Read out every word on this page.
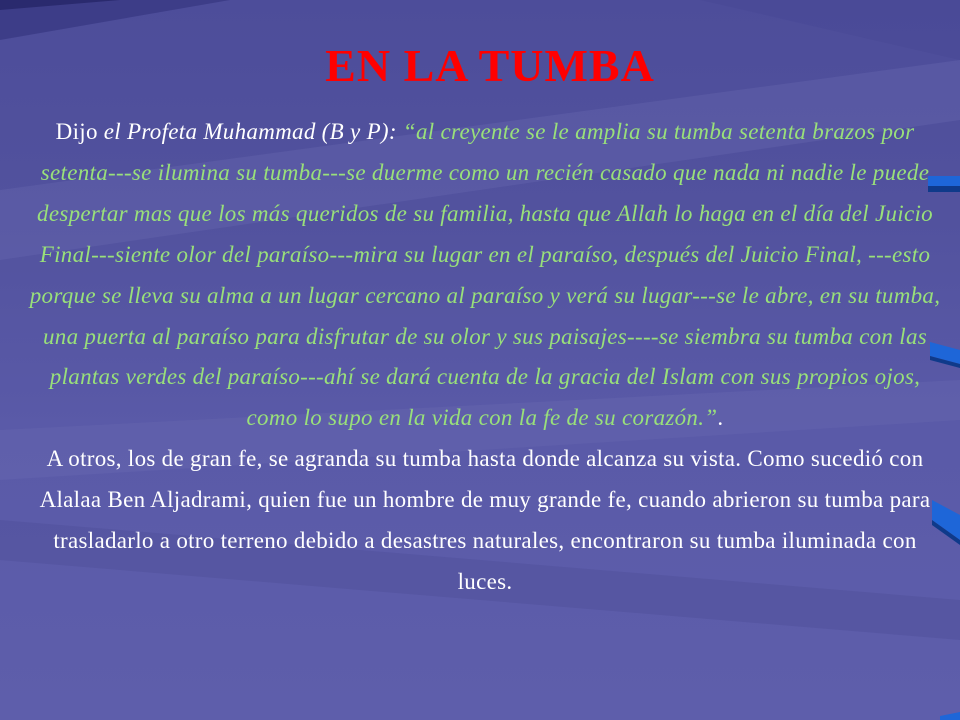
EN LA TUMBA
Dijo el Profeta Muhammad (B y P): “al creyente se le amplia su tumba setenta brazos por setenta---se ilumina su tumba---se duerme como un recién casado que nada ni nadie le puede despertar mas que los más queridos de su familia, hasta que Allah lo haga en el día del Juicio Final---siente olor del paraíso---mira su lugar en el paraíso, después del Juicio Final, ---esto porque se lleva su alma a un lugar cercano al paraíso y verá su lugar---se le abre, en su tumba, una puerta al paraíso para disfrutar de su olor y sus paisajes----se siembra su tumba con las plantas verdes del paraíso---ahí se dará cuenta de la gracia del Islam con sus propios ojos, como lo supo en la vida con la fe de su corazón.”.
A otros, los de gran fe, se agranda su tumba hasta donde alcanza su vista. Como sucedió con Alalaa Ben Aljadrami, quien fue un hombre de muy grande fe, cuando abrieron su tumba para trasladarlo a otro terreno debido a desastres naturales, encontraron su tumba iluminada con luces.
